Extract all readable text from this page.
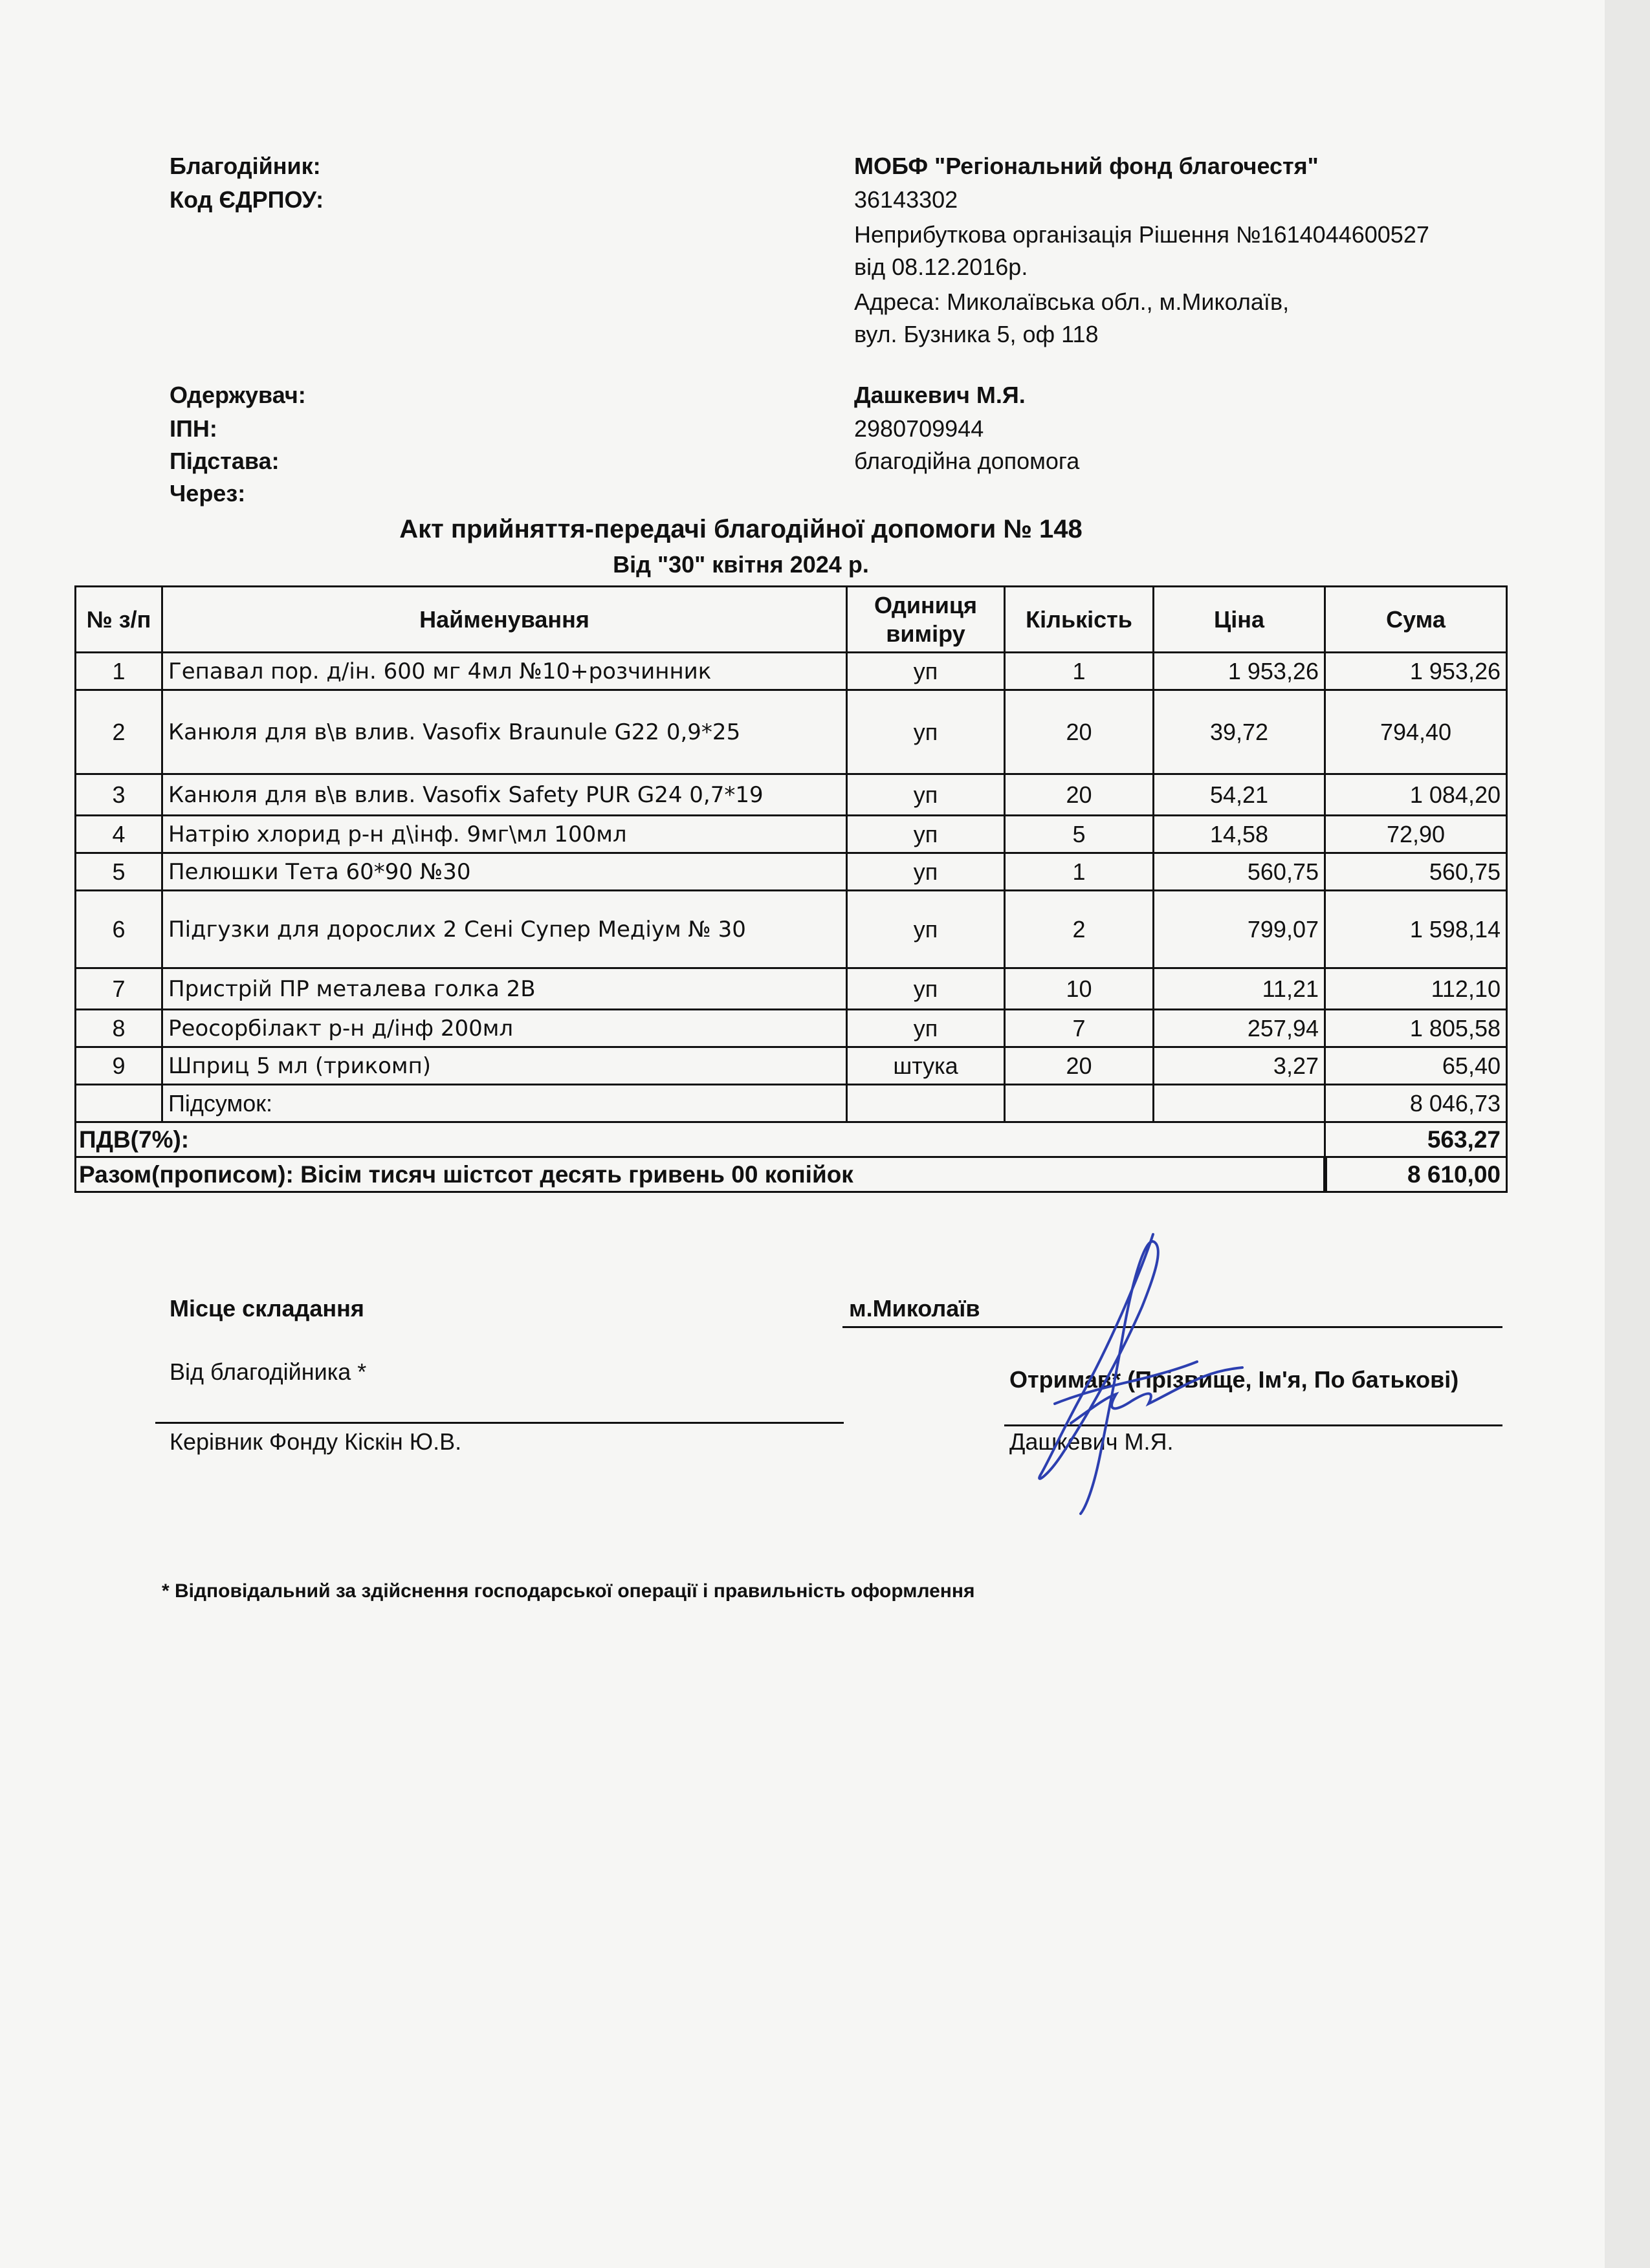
Благодійник:	МОБФ "Регіональний фонд благочестя"
Код ЄДРПОУ:	36143302
Неприбуткова організація Рішення №1614044600527
від 08.12.2016р.
Адреса: Миколаївська обл., м.Миколаїв,
вул. Бузника 5, оф 118
Одержувач:	Дашкевич М.Я.
ІПН:	2980709944
Підстава:	благодійна допомога
Через:
Акт прийняття-передачі благодійної допомоги № 148
Від "30" квітня 2024 р.
№ з/п	Найменування	Одиниця виміру	Кількість	Ціна	Сума
1	Гепавал пор. д/ін. 600 мг 4мл №10+розчинник	уп	1	1 953,26	1 953,26
2	Канюля для в\в влив. Vasofix Braunule G22 0,9*25	уп	20	39,72	794,40
3	Канюля для в\в влив. Vasofix Safety PUR G24 0,7*19	уп	20	54,21	1 084,20
4	Натрію хлорид р-н д\інф. 9мг\мл 100мл	уп	5	14,58	72,90
5	Пелюшки Тета 60*90 №30	уп	1	560,75	560,75
6	Підгузки для дорослих 2 Сені Супер Медіум № 30	уп	2	799,07	1 598,14
7	Пристрій ПР металева голка 2В	уп	10	11,21	112,10
8	Реосорбілакт р-н д/інф 200мл	уп	7	257,94	1 805,58
9	Шприц 5 мл (трикомп)	штука	20	3,27	65,40
	Підсумок:				8 046,73
ПДВ(7%):					563,27
Разом(прописом): Вісім тисяч шістсот десять гривень 00 копійок					8 610,00
Місце складання	м.Миколаїв
Від благодійника *	Отримав* (Прізвище, Ім'я, По батькові)
Керівник Фонду Кіскін Ю.В.	Дашкевич М.Я.
* Відповідальний за здійснення господарської операції і правильність оформлення
